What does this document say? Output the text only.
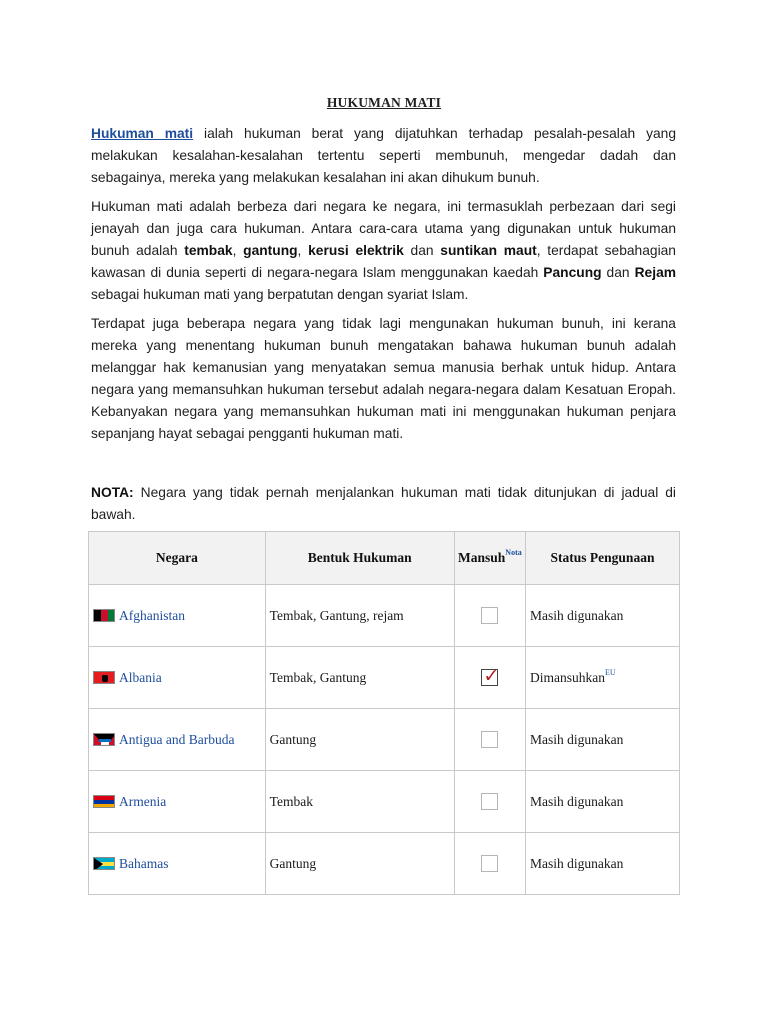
HUKUMAN MATI
Hukuman mati ialah hukuman berat yang dijatuhkan terhadap pesalah-pesalah yang melakukan kesalahan-kesalahan tertentu seperti membunuh, mengedar dadah dan sebagainya, mereka yang melakukan kesalahan ini akan dihukum bunuh.
Hukuman mati adalah berbeza dari negara ke negara, ini termasuklah perbezaan dari segi jenayah dan juga cara hukuman. Antara cara-cara utama yang digunakan untuk hukuman bunuh adalah tembak, gantung, kerusi elektrik dan suntikan maut, terdapat sebahagian kawasan di dunia seperti di negara-negara Islam menggunakan kaedah Pancung dan Rejam sebagai hukuman mati yang berpatutan dengan syariat Islam.
Terdapat juga beberapa negara yang tidak lagi mengunakan hukuman bunuh, ini kerana mereka yang menentang hukuman bunuh mengatakan bahawa hukuman bunuh adalah melanggar hak kemanusian yang menyatakan semua manusia berhak untuk hidup. Antara negara yang memansuhkan hukuman tersebut adalah negara-negara dalam Kesatuan Eropah. Kebanyakan negara yang memansuhkan hukuman mati ini menggunakan hukuman penjara sepanjang hayat sebagai pengganti hukuman mati.
NOTA: Negara yang tidak pernah menjalankan hukuman mati tidak ditunjukan di jadual di bawah.
Negara	Bentuk Hukuman	Mansuh$^{Nota}$	Status Pengunaan

Afghanistan	Tembak, Gantung, rejam		Masih digunakan

Albania	Tembak, Gantung	✓	Dimansuhkan$^{EU}$

Antigua and Barbuda	Gantung		Masih digunakan

Armenia	Tembak		Masih digunakan

Bahamas	Gantung		Masih digunakan
